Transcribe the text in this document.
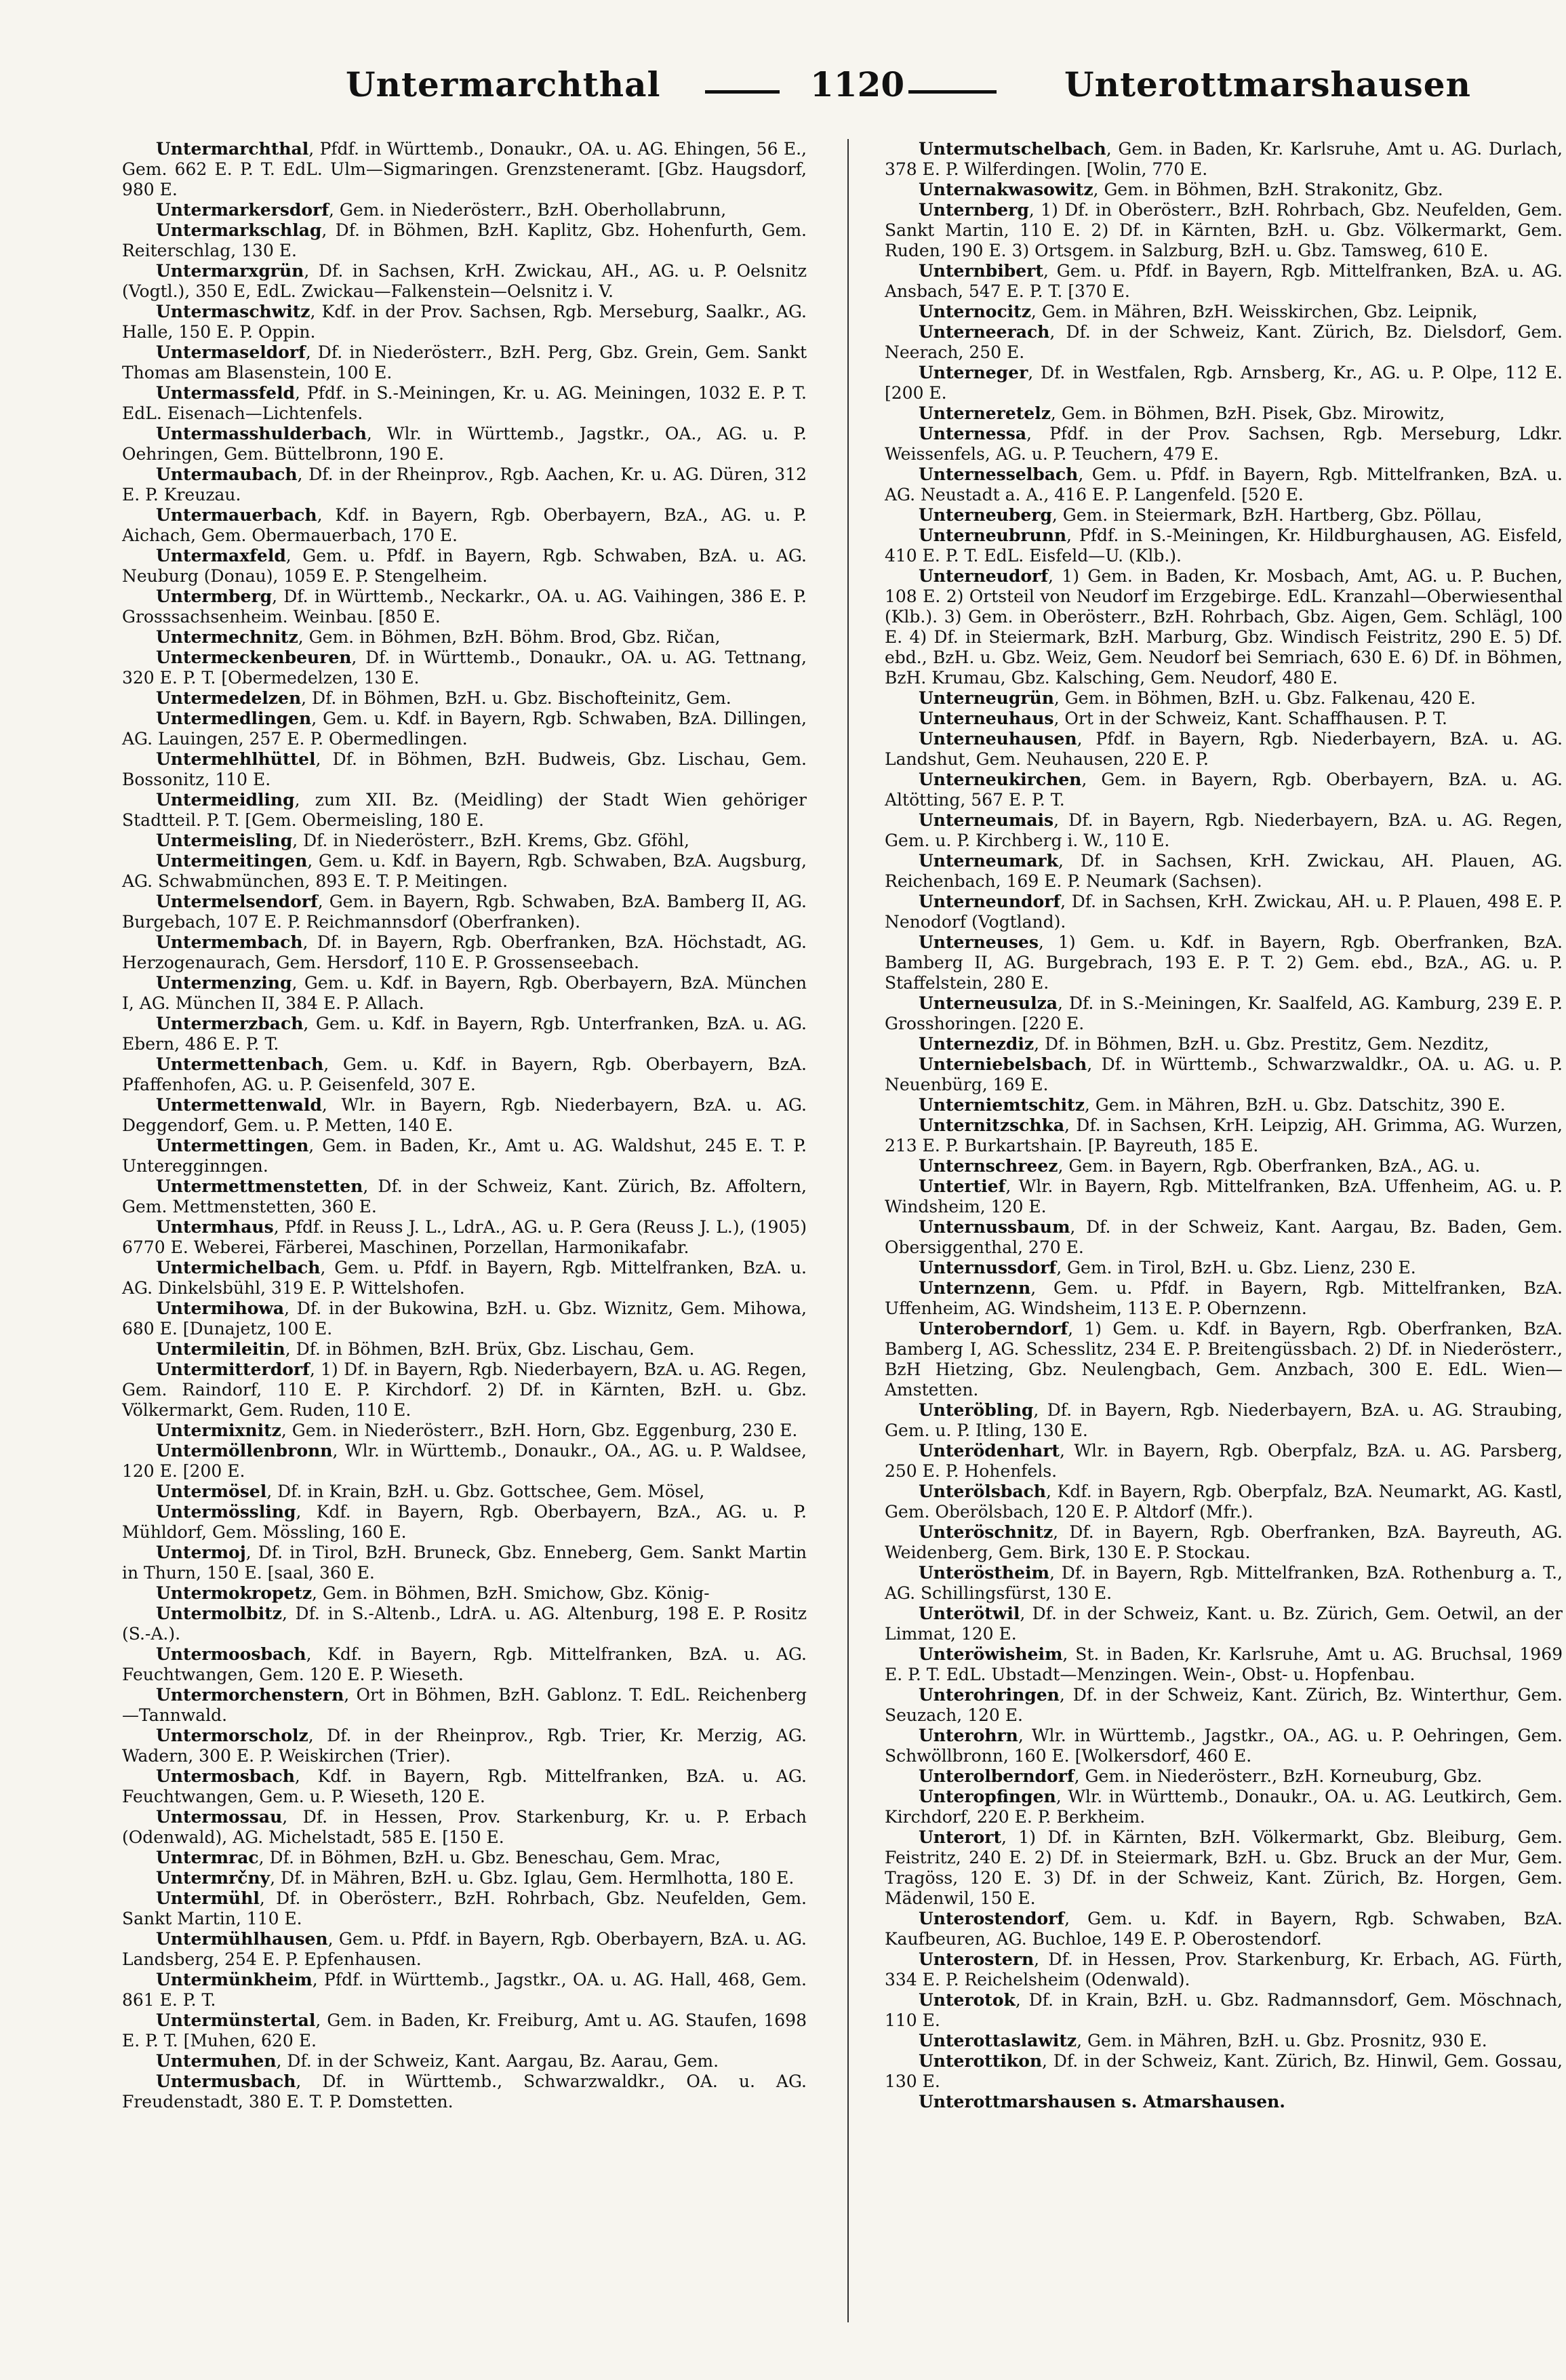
Untermarchthal	1120	Unterottmarshausen

Untermarchthal, Pfdf. in Württemb., Donaukr., OA. u. AG. Ehingen, 56 E., Gem. 662 E. P. T. EdL. Ulm—Sigmaringen. Grenzsteneramt. [Gbz. Haugsdorf, 980 E.

Untermarkersdorf, Gem. in Niederösterr., BzH. Oberhollabrunn,

Untermarkschlag, Df. in Böhmen, BzH. Kaplitz, Gbz. Hohenfurth, Gem. Reiterschlag, 130 E.

Untermarxgrün, Df. in Sachsen, KrH. Zwickau, AH., AG. u. P. Oelsnitz (Vogtl.), 350 E, EdL. Zwickau—Falkenstein—Oelsnitz i. V.

Untermaschwitz, Kdf. in der Prov. Sachsen, Rgb. Merseburg, Saalkr., AG. Halle, 150 E. P. Oppin.

Untermaseldorf, Df. in Niederösterr., BzH. Perg, Gbz. Grein, Gem. Sankt Thomas am Blasenstein, 100 E.

Untermassfeld, Pfdf. in S.-Meiningen, Kr. u. AG. Meiningen, 1032 E. P. T. EdL. Eisenach—Lichtenfels.

Untermasshulderbach, Wlr. in Württemb., Jagstkr., OA., AG. u. P. Oehringen, Gem. Büttelbronn, 190 E.

Untermaubach, Df. in der Rheinprov., Rgb. Aachen, Kr. u. AG. Düren, 312 E. P. Kreuzau.

Untermauerbach, Kdf. in Bayern, Rgb. Oberbayern, BzA., AG. u. P. Aichach, Gem. Obermauerbach, 170 E.

Untermaxfeld, Gem. u. Pfdf. in Bayern, Rgb. Schwaben, BzA. u. AG. Neuburg (Donau), 1059 E. P. Stengelheim.

Untermberg, Df. in Württemb., Neckarkr., OA. u. AG. Vaihingen, 386 E. P. Grosssachsenheim. Weinbau. [850 E.

Untermechnitz, Gem. in Böhmen, BzH. Böhm. Brod, Gbz. Ričan,

Untermeckenbeuren, Df. in Württemb., Donaukr., OA. u. AG. Tettnang, 320 E. P. T. [Obermedelzen, 130 E.

Untermedelzen, Df. in Böhmen, BzH. u. Gbz. Bischofteinitz, Gem.

Untermedlingen, Gem. u. Kdf. in Bayern, Rgb. Schwaben, BzA. Dillingen, AG. Lauingen, 257 E. P. Obermedlingen.

Untermehlhüttel, Df. in Böhmen, BzH. Budweis, Gbz. Lischau, Gem. Bossonitz, 110 E.

Untermeidling, zum XII. Bz. (Meidling) der Stadt Wien gehöriger Stadtteil. P. T. [Gem. Obermeisling, 180 E.

Untermeisling, Df. in Niederösterr., BzH. Krems, Gbz. Gföhl,

Untermeitingen, Gem. u. Kdf. in Bayern, Rgb. Schwaben, BzA. Augsburg, AG. Schwabmünchen, 893 E. T. P. Meitingen.

Untermelsendorf, Gem. in Bayern, Rgb. Schwaben, BzA. Bamberg II, AG. Burgebach, 107 E. P. Reichmannsdorf (Oberfranken).

Untermembach, Df. in Bayern, Rgb. Oberfranken, BzA. Höchstadt, AG. Herzogenaurach, Gem. Hersdorf, 110 E. P. Grossenseebach.

Untermenzing, Gem. u. Kdf. in Bayern, Rgb. Oberbayern, BzA. München I, AG. München II, 384 E. P. Allach.

Untermerzbach, Gem. u. Kdf. in Bayern, Rgb. Unterfranken, BzA. u. AG. Ebern, 486 E. P. T.

Untermettenbach, Gem. u. Kdf. in Bayern, Rgb. Oberbayern, BzA. Pfaffenhofen, AG. u. P. Geisenfeld, 307 E.

Untermettenwald, Wlr. in Bayern, Rgb. Niederbayern, BzA. u. AG. Deggendorf, Gem. u. P. Metten, 140 E.

Untermettingen, Gem. in Baden, Kr., Amt u. AG. Waldshut, 245 E. T. P. Unteregginngen.

Untermettmenstetten, Df. in der Schweiz, Kant. Zürich, Bz. Affoltern, Gem. Mettmenstetten, 360 E.

Untermhaus, Pfdf. in Reuss J. L., LdrA., AG. u. P. Gera (Reuss J. L.), (1905) 6770 E. Weberei, Färberei, Maschinen, Porzellan, Harmonikafabr.

Untermichelbach, Gem. u. Pfdf. in Bayern, Rgb. Mittelfranken, BzA. u. AG. Dinkelsbühl, 319 E. P. Wittelshofen.

Untermihowa, Df. in der Bukowina, BzH. u. Gbz. Wiznitz, Gem. Mihowa, 680 E. [Dunajetz, 100 E.

Untermileitin, Df. in Böhmen, BzH. Brüx, Gbz. Lischau, Gem.

Untermitterdorf, 1) Df. in Bayern, Rgb. Niederbayern, BzA. u. AG. Regen, Gem. Raindorf, 110 E. P. Kirchdorf. 2) Df. in Kärnten, BzH. u. Gbz. Völkermarkt, Gem. Ruden, 110 E.

Untermixnitz, Gem. in Niederösterr., BzH. Horn, Gbz. Eggenburg, 230 E.

Untermöllenbronn, Wlr. in Württemb., Donaukr., OA., AG. u. P. Waldsee, 120 E. [200 E.

Untermösel, Df. in Krain, BzH. u. Gbz. Gottschee, Gem. Mösel,

Untermössling, Kdf. in Bayern, Rgb. Oberbayern, BzA., AG. u. P. Mühldorf, Gem. Mössling, 160 E.

Untermoj, Df. in Tirol, BzH. Bruneck, Gbz. Enneberg, Gem. Sankt Martin in Thurn, 150 E. [saal, 360 E.

Untermokropetz, Gem. in Böhmen, BzH. Smichow, Gbz. König-

Untermolbitz, Df. in S.-Altenb., LdrA. u. AG. Altenburg, 198 E. P. Rositz (S.-A.).

Untermoosbach, Kdf. in Bayern, Rgb. Mittelfranken, BzA. u. AG. Feuchtwangen, Gem. 120 E. P. Wieseth.

Untermorchenstern, Ort in Böhmen, BzH. Gablonz. T. EdL. Reichenberg—Tannwald.

Untermorscholz, Df. in der Rheinprov., Rgb. Trier, Kr. Merzig, AG. Wadern, 300 E. P. Weiskirchen (Trier).

Untermosbach, Kdf. in Bayern, Rgb. Mittelfranken, BzA. u. AG. Feuchtwangen, Gem. u. P. Wieseth, 120 E.

Untermossau, Df. in Hessen, Prov. Starkenburg, Kr. u. P. Erbach (Odenwald), AG. Michelstadt, 585 E. [150 E.

Untermrac, Df. in Böhmen, BzH. u. Gbz. Beneschau, Gem. Mrac,

Untermrčny, Df. in Mähren, BzH. u. Gbz. Iglau, Gem. Hermlhotta, 180 E.

Untermühl, Df. in Oberösterr., BzH. Rohrbach, Gbz. Neufelden, Gem. Sankt Martin, 110 E.

Untermühlhausen, Gem. u. Pfdf. in Bayern, Rgb. Oberbayern, BzA. u. AG. Landsberg, 254 E. P. Epfenhausen.

Untermünkheim, Pfdf. in Württemb., Jagstkr., OA. u. AG. Hall, 468, Gem. 861 E. P. T.

Untermünstertal, Gem. in Baden, Kr. Freiburg, Amt u. AG. Staufen, 1698 E. P. T. [Muhen, 620 E.

Untermuhen, Df. in der Schweiz, Kant. Aargau, Bz. Aarau, Gem.

Untermusbach, Df. in Württemb., Schwarzwaldkr., OA. u. AG. Freudenstadt, 380 E. T. P. Domstetten.

Untermutschelbach, Gem. in Baden, Kr. Karlsruhe, Amt u. AG. Durlach, 378 E. P. Wilferdingen. [Wolin, 770 E.

Unternakwasowitz, Gem. in Böhmen, BzH. Strakonitz, Gbz.

Unternberg, 1) Df. in Oberösterr., BzH. Rohrbach, Gbz. Neufelden, Gem. Sankt Martin, 110 E. 2) Df. in Kärnten, BzH. u. Gbz. Völkermarkt, Gem. Ruden, 190 E. 3) Ortsgem. in Salzburg, BzH. u. Gbz. Tamsweg, 610 E.

Unternbibert, Gem. u. Pfdf. in Bayern, Rgb. Mittelfranken, BzA. u. AG. Ansbach, 547 E. P. T. [370 E.

Unternocitz, Gem. in Mähren, BzH. Weisskirchen, Gbz. Leipnik,

Unterneerach, Df. in der Schweiz, Kant. Zürich, Bz. Dielsdorf, Gem. Neerach, 250 E.

Unterneger, Df. in Westfalen, Rgb. Arnsberg, Kr., AG. u. P. Olpe, 112 E. [200 E.

Unterneretelz, Gem. in Böhmen, BzH. Pisek, Gbz. Mirowitz,

Unternessa, Pfdf. in der Prov. Sachsen, Rgb. Merseburg, Ldkr. Weissenfels, AG. u. P. Teuchern, 479 E.

Unternesselbach, Gem. u. Pfdf. in Bayern, Rgb. Mittelfranken, BzA. u. AG. Neustadt a. A., 416 E. P. Langenfeld. [520 E.

Unterneuberg, Gem. in Steiermark, BzH. Hartberg, Gbz. Pöllau,

Unterneubrunn, Pfdf. in S.-Meiningen, Kr. Hildburghausen, AG. Eisfeld, 410 E. P. T. EdL. Eisfeld—U. (Klb.).

Unterneudorf, 1) Gem. in Baden, Kr. Mosbach, Amt, AG. u. P. Buchen, 108 E. 2) Ortsteil von Neudorf im Erzgebirge. EdL. Kranzahl—Oberwiesenthal (Klb.). 3) Gem. in Oberösterr., BzH. Rohrbach, Gbz. Aigen, Gem. Schlägl, 100 E. 4) Df. in Steiermark, BzH. Marburg, Gbz. Windisch Feistritz, 290 E. 5) Df. ebd., BzH. u. Gbz. Weiz, Gem. Neudorf bei Semriach, 630 E. 6) Df. in Böhmen, BzH. Krumau, Gbz. Kalsching, Gem. Neudorf, 480 E.

Unterneugrün, Gem. in Böhmen, BzH. u. Gbz. Falkenau, 420 E.

Unterneuhaus, Ort in der Schweiz, Kant. Schaffhausen. P. T.

Unterneuhausen, Pfdf. in Bayern, Rgb. Niederbayern, BzA. u. AG. Landshut, Gem. Neuhausen, 220 E. P.

Unterneukirchen, Gem. in Bayern, Rgb. Oberbayern, BzA. u. AG. Altötting, 567 E. P. T.

Unterneumais, Df. in Bayern, Rgb. Niederbayern, BzA. u. AG. Regen, Gem. u. P. Kirchberg i. W., 110 E.

Unterneumark, Df. in Sachsen, KrH. Zwickau, AH. Plauen, AG. Reichenbach, 169 E. P. Neumark (Sachsen).

Unterneundorf, Df. in Sachsen, KrH. Zwickau, AH. u. P. Plauen, 498 E. P. Nenodorf (Vogtland).

Unterneuses, 1) Gem. u. Kdf. in Bayern, Rgb. Oberfranken, BzA. Bamberg II, AG. Burgebrach, 193 E. P. T. 2) Gem. ebd., BzA., AG. u. P. Staffelstein, 280 E.

Unterneusulza, Df. in S.-Meiningen, Kr. Saalfeld, AG. Kamburg, 239 E. P. Grosshoringen. [220 E.

Unternezdiz, Df. in Böhmen, BzH. u. Gbz. Prestitz, Gem. Nezditz,

Unterniebelsbach, Df. in Württemb., Schwarzwaldkr., OA. u. AG. u. P. Neuenbürg, 169 E.

Unterniemtschitz, Gem. in Mähren, BzH. u. Gbz. Datschitz, 390 E.

Unternitzschka, Df. in Sachsen, KrH. Leipzig, AH. Grimma, AG. Wurzen, 213 E. P. Burkartshain. [P. Bayreuth, 185 E.

Unternschreez, Gem. in Bayern, Rgb. Oberfranken, BzA., AG. u.

Untertief, Wlr. in Bayern, Rgb. Mittelfranken, BzA. Uffenheim, AG. u. P. Windsheim, 120 E.

Unternussbaum, Df. in der Schweiz, Kant. Aargau, Bz. Baden, Gem. Obersiggenthal, 270 E.

Unternussdorf, Gem. in Tirol, BzH. u. Gbz. Lienz, 230 E.

Unternzenn, Gem. u. Pfdf. in Bayern, Rgb. Mittelfranken, BzA. Uffenheim, AG. Windsheim, 113 E. P. Obernzenn.

Unteroberndorf, 1) Gem. u. Kdf. in Bayern, Rgb. Oberfranken, BzA. Bamberg I, AG. Schesslitz, 234 E. P. Breitengüssbach. 2) Df. in Niederösterr., BzH Hietzing, Gbz. Neulengbach, Gem. Anzbach, 300 E. EdL. Wien—Amstetten.

Unteröbling, Df. in Bayern, Rgb. Niederbayern, BzA. u. AG. Straubing, Gem. u. P. Itling, 130 E.

Unterödenhart, Wlr. in Bayern, Rgb. Oberpfalz, BzA. u. AG. Parsberg, 250 E. P. Hohenfels.

Unterölsbach, Kdf. in Bayern, Rgb. Oberpfalz, BzA. Neumarkt, AG. Kastl, Gem. Oberölsbach, 120 E. P. Altdorf (Mfr.).

Unteröschnitz, Df. in Bayern, Rgb. Oberfranken, BzA. Bayreuth, AG. Weidenberg, Gem. Birk, 130 E. P. Stockau.

Unteröstheim, Df. in Bayern, Rgb. Mittelfranken, BzA. Rothenburg a. T., AG. Schillingsfürst, 130 E.

Unterötwil, Df. in der Schweiz, Kant. u. Bz. Zürich, Gem. Oetwil, an der Limmat, 120 E.

Unteröwisheim, St. in Baden, Kr. Karlsruhe, Amt u. AG. Bruchsal, 1969 E. P. T. EdL. Ubstadt—Menzingen. Wein-, Obst- u. Hopfenbau.

Unterohringen, Df. in der Schweiz, Kant. Zürich, Bz. Winterthur, Gem. Seuzach, 120 E.

Unterohrn, Wlr. in Württemb., Jagstkr., OA., AG. u. P. Oehringen, Gem. Schwöllbronn, 160 E. [Wolkersdorf, 460 E.

Unterolberndorf, Gem. in Niederösterr., BzH. Korneuburg, Gbz.

Unteropfingen, Wlr. in Württemb., Donaukr., OA. u. AG. Leutkirch, Gem. Kirchdorf, 220 E. P. Berkheim.

Unterort, 1) Df. in Kärnten, BzH. Völkermarkt, Gbz. Bleiburg, Gem. Feistritz, 240 E. 2) Df. in Steiermark, BzH. u. Gbz. Bruck an der Mur, Gem. Tragöss, 120 E. 3) Df. in der Schweiz, Kant. Zürich, Bz. Horgen, Gem. Mädenwil, 150 E.

Unterostendorf, Gem. u. Kdf. in Bayern, Rgb. Schwaben, BzA. Kaufbeuren, AG. Buchloe, 149 E. P. Oberostendorf.

Unterostern, Df. in Hessen, Prov. Starkenburg, Kr. Erbach, AG. Fürth, 334 E. P. Reichelsheim (Odenwald).

Unterotok, Df. in Krain, BzH. u. Gbz. Radmannsdorf, Gem. Möschnach, 110 E.

Unterottaslawitz, Gem. in Mähren, BzH. u. Gbz. Prosnitz, 930 E.

Unterottikon, Df. in der Schweiz, Kant. Zürich, Bz. Hinwil, Gem. Gossau, 130 E.

Unterottmarshausen s. Atmarshausen.
